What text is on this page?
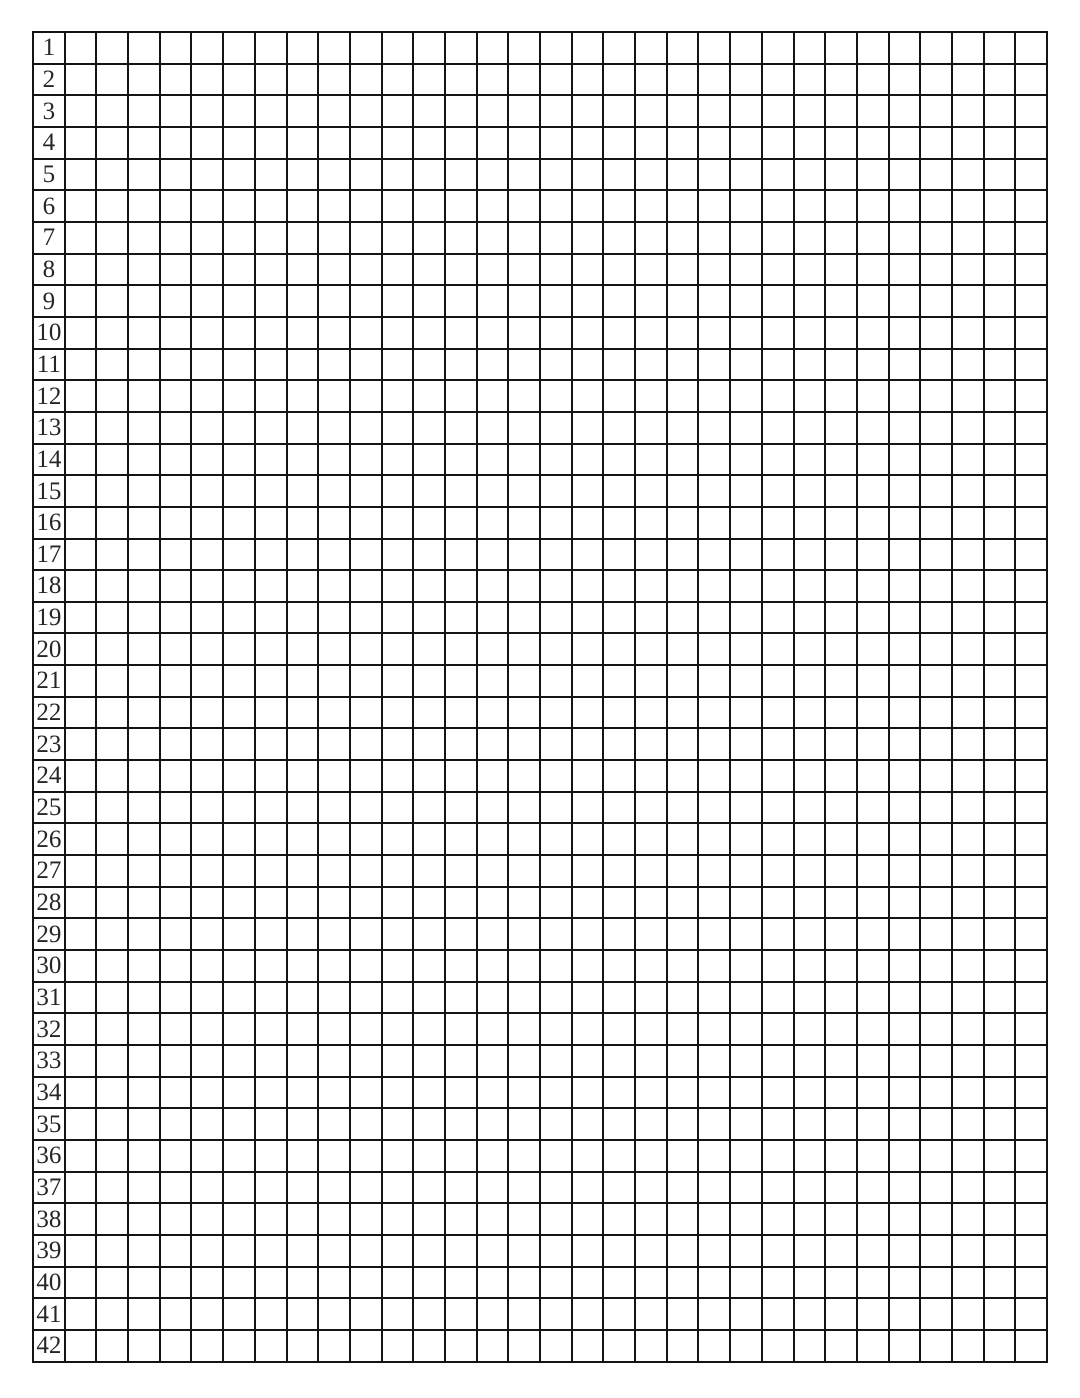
1																															
2																															
3																															
4																															
5																															
6																															
7																															
8																															
9																															
10																															
11																															
12																															
13																															
14																															
15																															
16																															
17																															
18																															
19																															
20																															
21																															
22																															
23																															
24																															
25																															
26																															
27																															
28																															
29																															
30																															
31																															
32																															
33																															
34																															
35																															
36																															
37																															
38																															
39																															
40																															
41																															
42																															
